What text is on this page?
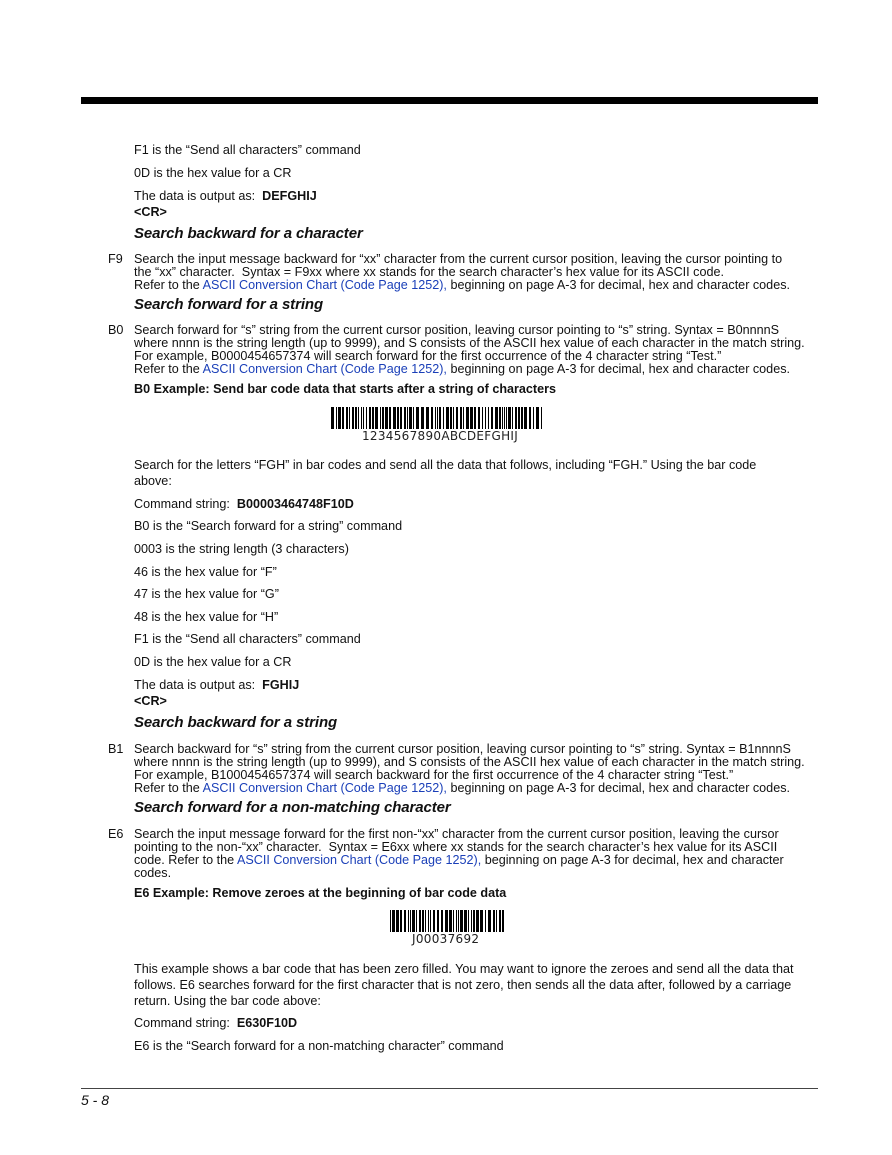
F1 is the “Send all characters” command
0D is the hex value for a CR
The data is output as: DEFGHIJ
<CR>
Search backward for a character
F9 Search the input message backward for “xx” character from the current cursor position, leaving the cursor pointing to
the “xx” character. Syntax = F9xx where xx stands for the search character’s hex value for its ASCII code.
Refer to the ASCII Conversion Chart (Code Page 1252), beginning on page A-3 for decimal, hex and character codes.
Search forward for a string
B0 Search forward for “s” string from the current cursor position, leaving cursor pointing to “s” string. Syntax = B0nnnnS
where nnnn is the string length (up to 9999), and S consists of the ASCII hex value of each character in the match string.
For example, B0000454657374 will search forward for the first occurrence of the 4 character string “Test.”
Refer to the ASCII Conversion Chart (Code Page 1252), beginning on page A-3 for decimal, hex and character codes.
B0 Example: Send bar code data that starts after a string of characters
1234567890ABCDEFGHIJ
Search for the letters “FGH” in bar codes and send all the data that follows, including “FGH.” Using the bar code
above:
Command string: B00003464748F10D
B0 is the “Search forward for a string” command
0003 is the string length (3 characters)
46 is the hex value for “F”
47 is the hex value for “G”
48 is the hex value for “H”
F1 is the “Send all characters” command
0D is the hex value for a CR
The data is output as: FGHIJ
<CR>
Search backward for a string
B1 Search backward for “s” string from the current cursor position, leaving cursor pointing to “s” string. Syntax = B1nnnnS
where nnnn is the string length (up to 9999), and S consists of the ASCII hex value of each character in the match string.
For example, B1000454657374 will search backward for the first occurrence of the 4 character string “Test.”
Refer to the ASCII Conversion Chart (Code Page 1252), beginning on page A-3 for decimal, hex and character codes.
Search forward for a non-matching character
E6 Search the input message forward for the first non-“xx” character from the current cursor position, leaving the cursor
pointing to the non-“xx” character. Syntax = E6xx where xx stands for the search character’s hex value for its ASCII
code. Refer to the ASCII Conversion Chart (Code Page 1252), beginning on page A-3 for decimal, hex and character
codes.
E6 Example: Remove zeroes at the beginning of bar code data
J00037692
This example shows a bar code that has been zero filled. You may want to ignore the zeroes and send all the data that
follows. E6 searches forward for the first character that is not zero, then sends all the data after, followed by a carriage
return. Using the bar code above:
Command string: E630F10D
E6 is the “Search forward for a non-matching character” command
5 - 8
